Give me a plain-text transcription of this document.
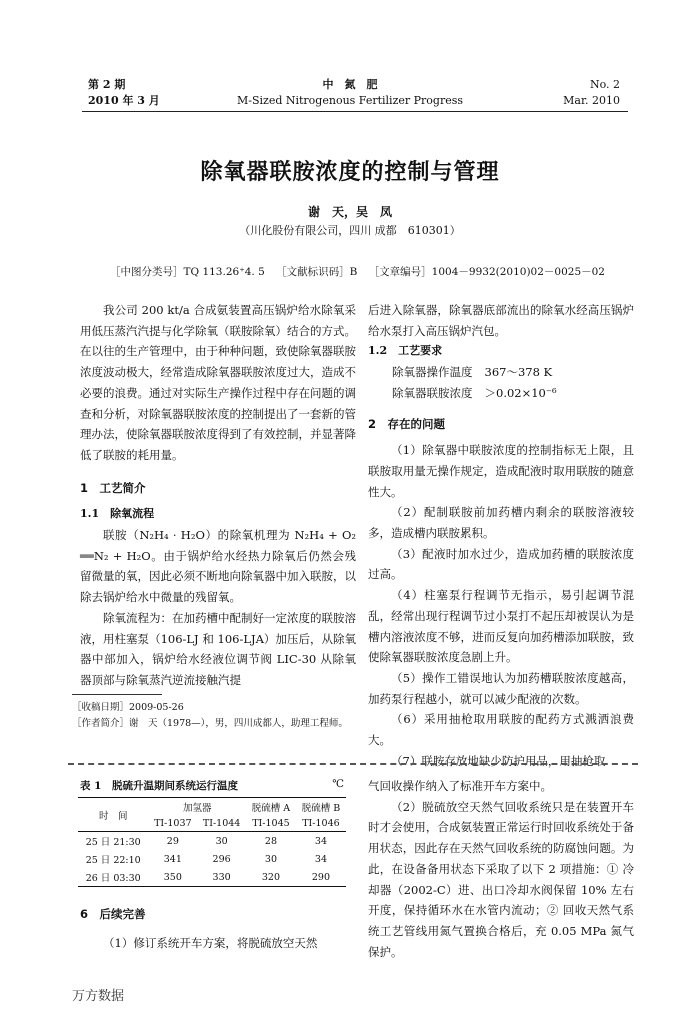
第 2 期
2010 年 3 月
中　氮　肥
M-Sized Nitrogenous Fertilizer Progress
No. 2
Mar. 2010
除氧器联胺浓度的控制与管理
谢　天，吴　凤
（川化股份有限公司，四川 成都　610301）
［中图分类号］TQ 113.26⁺4. 5 ［文献标识码］B ［文章编号］1004－9932(2010)02－0025－02

我公司 200 kt/a 合成氨装置高压锅炉给水除氧采用低压蒸汽汽提与化学除氧（联胺除氧）结合的方式。在以往的生产管理中，由于种种问题，致使除氧器联胺浓度波动极大，经常造成除氧器联胺浓度过大，造成不必要的浪费。通过对实际生产操作过程中存在问题的调查和分析，对除氧器联胺浓度的控制提出了一套新的管理办法，使除氧器联胺浓度得到了有效控制，并显著降低了联胺的耗用量。

1　工艺简介
1.1　除氧流程

联胺（N₂H₄ · H₂O）的除氧机理为 N₂H₄ + O₂ ══N₂ + H₂O。由于锅炉给水经热力除氧后仍然会残留微量的氧，因此必须不断地向除氧器中加入联胺，以除去锅炉给水中微量的残留氧。

除氧流程为：在加药槽中配制好一定浓度的联胺溶液，用柱塞泵（106-LJ 和 106-LJA）加压后，从除氧器中部加入，锅炉给水经液位调节阀 LIC-30 从除氧器顶部与除氧蒸汽逆流接触汽提

［收稿日期］2009-05-26
［作者简介］谢　天（1978—），男，四川成都人，助理工程师。

后进入除氧器，除氧器底部流出的除氧水经高压锅炉给水泵打入高压锅炉汽包。

1.2　工艺要求
除氧器操作温度 367～378 K
除氧器联胺浓度 ＞0.02×10⁻⁶
2　存在的问题

（1）除氧器中联胺浓度的控制指标无上限，且联胺取用量无操作规定，造成配液时取用联胺的随意性大。

（2）配制联胺前加药槽内剩余的联胺溶液较多，造成槽内联胺累积。

（3）配液时加水过少，造成加药槽的联胺浓度过高。

（4）柱塞泵行程调节无指示，易引起调节混乱，经常出现行程调节过小泵打不起压却被误认为是槽内溶液浓度不够，进而反复向加药槽添加联胺，致使除氧器联胺浓度急剧上升。

（5）操作工错误地认为加药槽联胺浓度越高，加药泵行程越小，就可以减少配液的次数。

（6）采用抽枪取用联胺的配药方式溅洒浪费大。

（7）联胺存放地缺少防护用品，用抽枪取

表 1　脱硫升温期间系统运行温度	℃
时　间	加氢器		脱硫槽 A	脱硫槽 B
	TI-1037	TI-1044	TI-1045	TI-1046
25 日 21:30	29	30	28	34
25 日 22:10	341	296	30	34
26 日 03:30	350	330	320	290
6　后续完善

（1）修订系统开车方案，将脱硫放空天然

气回收操作纳入了标准开车方案中。

（2）脱硫放空天然气回收系统只是在装置开车时才会使用，合成氨装置正常运行时回收系统处于备用状态，因此存在天然气回收系统的防腐蚀问题。为此，在设备备用状态下采取了以下 2 项措施：① 冷却器（2002-C）进、出口冷却水阀保留 10% 左右开度，保持循环水在水管内流动；② 回收天然气系统工艺管线用氮气置换合格后，充 0.05 MPa 氮气保护。

万方数据
